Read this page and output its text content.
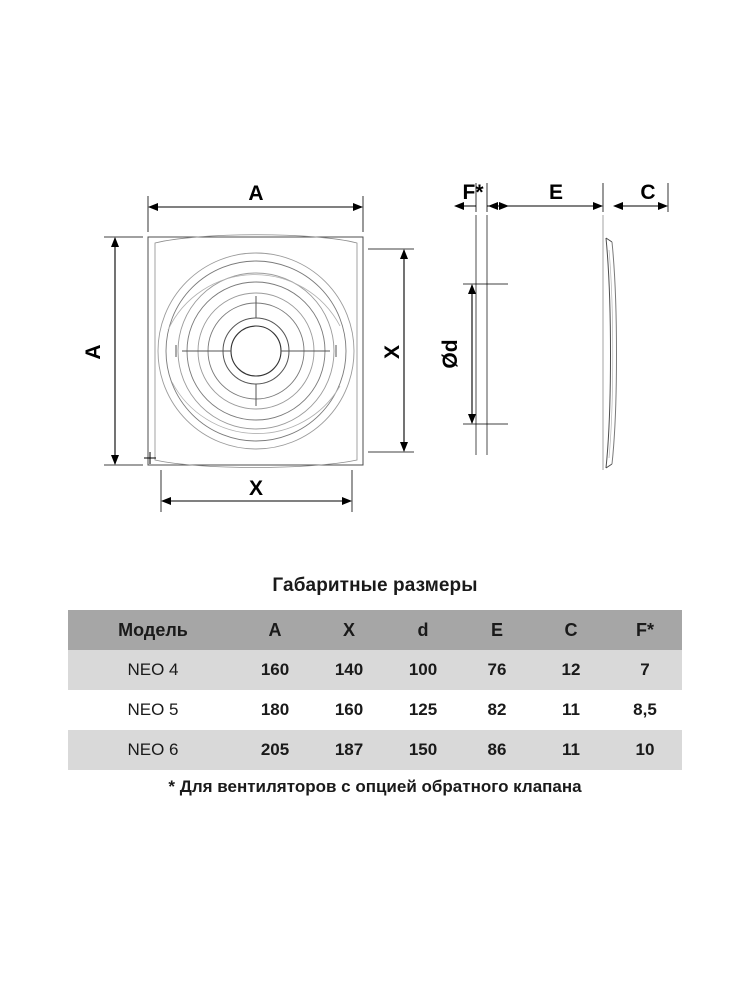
A
A	X
X
F*	E	C
Ød
Габаритные размеры
Модель	A	X	d	E	C	F*
NEO 4	160	140	100	76	12	7
NEO 5	180	160	125	82	11	8,5
NEO 6	205	187	150	86	11	10
* Для вентиляторов с опцией обратного клапана
